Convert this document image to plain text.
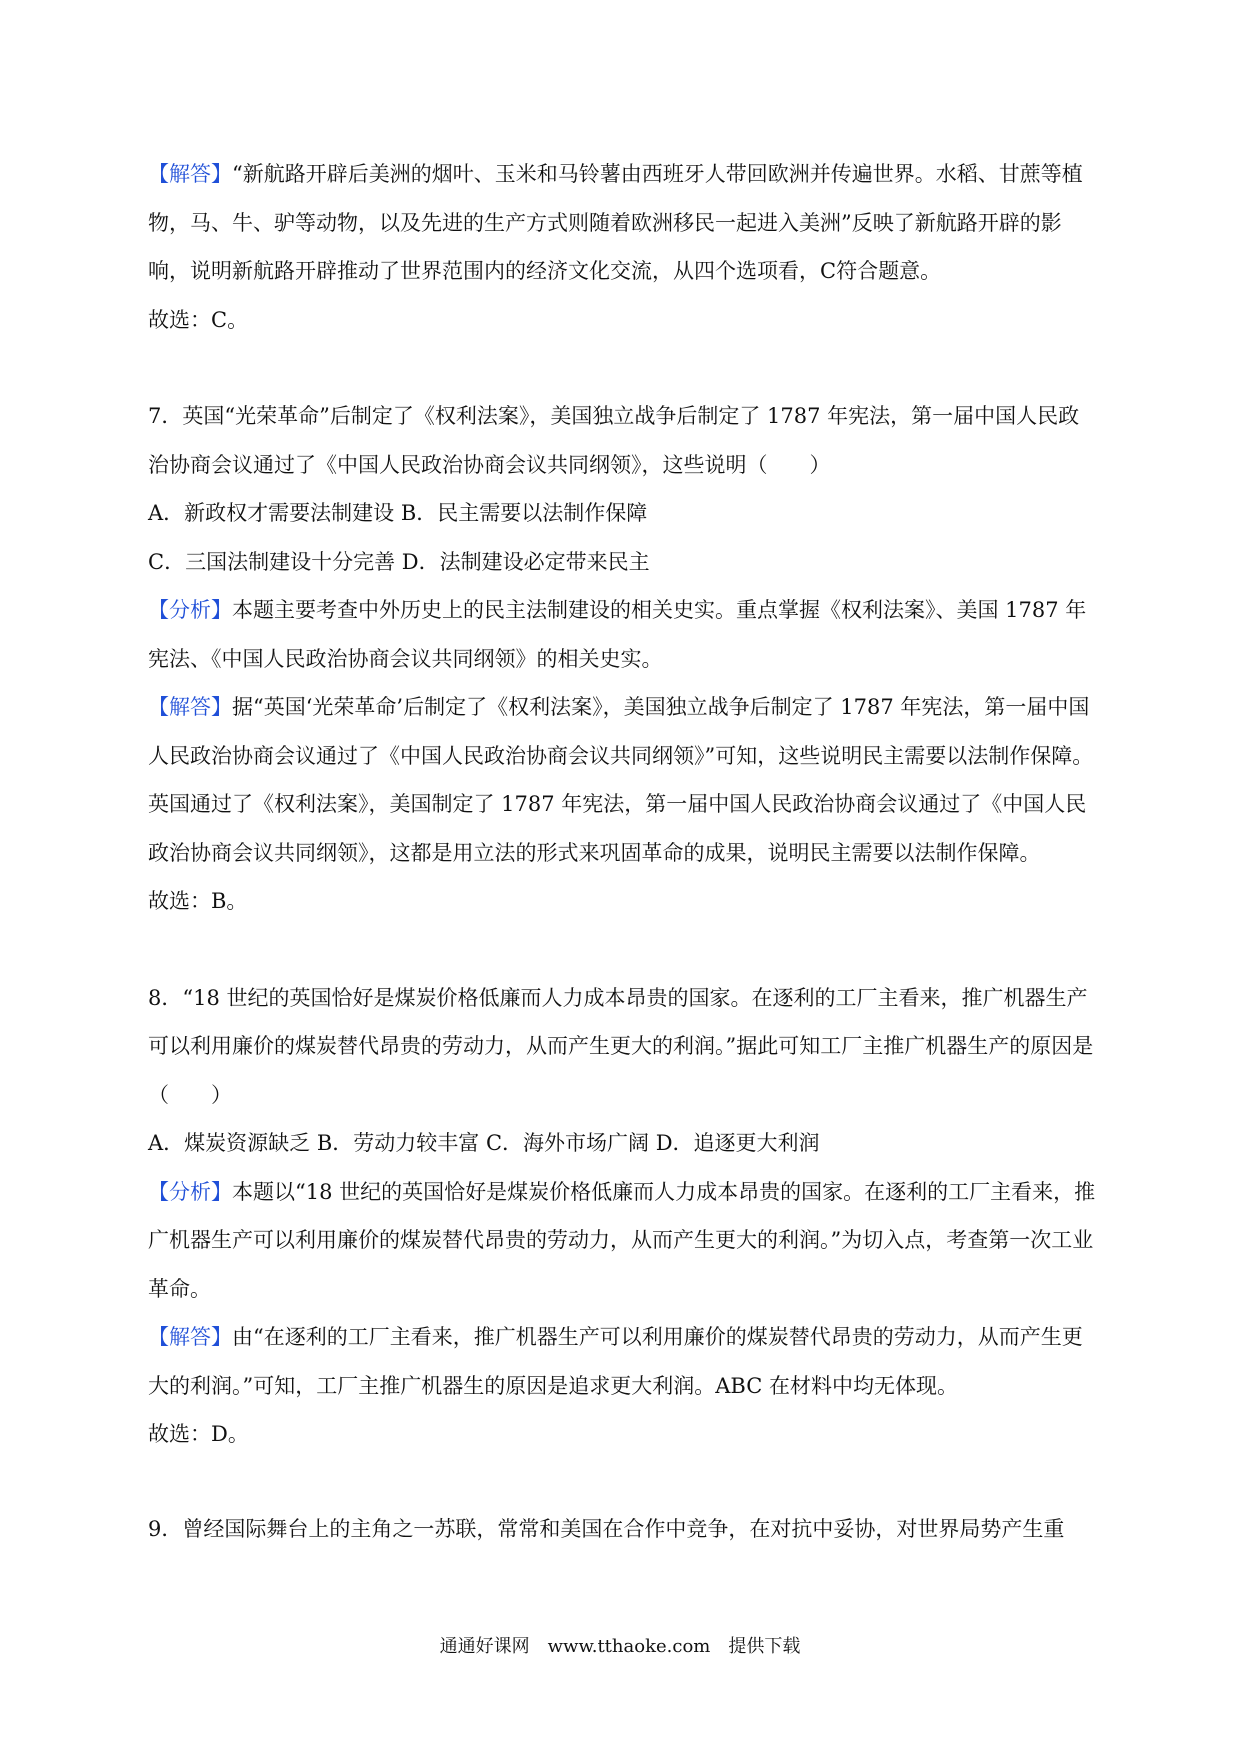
【解答】“新航路开辟后美洲的烟叶、玉米和马铃薯由西班牙人带回欧洲并传遍世界。水稻、甘蔗等植物，马、牛、驴等动物，以及先进的生产方式则随着欧洲移民一起进入美洲”反映了新航路开辟的影响，说明新航路开辟推动了世界范围内的经济文化交流，从四个选项看，C符合题意。

故选：C。

7．英国“光荣革命”后制定了《权利法案》，美国独立战争后制定了 1787 年宪法，第一届中国人民政治协商会议通过了《中国人民政治协商会议共同纲领》，这些说明（　　）

A．新政权才需要法制建设 B．民主需要以法制作保障

C．三国法制建设十分完善 D．法制建设必定带来民主

【分析】本题主要考查中外历史上的民主法制建设的相关史实。重点掌握《权利法案》、美国 1787 年宪法、《中国人民政治协商会议共同纲领》的相关史实。

【解答】据“英国‘光荣革命’后制定了《权利法案》，美国独立战争后制定了 1787 年宪法，第一届中国人民政治协商会议通过了《中国人民政治协商会议共同纲领》”可知，这些说明民主需要以法制作保障。英国通过了《权利法案》，美国制定了 1787 年宪法，第一届中国人民政治协商会议通过了《中国人民政治协商会议共同纲领》，这都是用立法的形式来巩固革命的成果，说明民主需要以法制作保障。

故选：B。

8．“18 世纪的英国恰好是煤炭价格低廉而人力成本昂贵的国家。在逐利的工厂主看来，推广机器生产可以利用廉价的煤炭替代昂贵的劳动力，从而产生更大的利润。”据此可知工厂主推广机器生产的原因是（　　）

A．煤炭资源缺乏 B．劳动力较丰富 C．海外市场广阔 D．追逐更大利润

【分析】本题以“18 世纪的英国恰好是煤炭价格低廉而人力成本昂贵的国家。在逐利的工厂主看来，推广机器生产可以利用廉价的煤炭替代昂贵的劳动力，从而产生更大的利润。”为切入点，考查第一次工业革命。

【解答】由“在逐利的工厂主看来，推广机器生产可以利用廉价的煤炭替代昂贵的劳动力，从而产生更大的利润。”可知，工厂主推广机器生的原因是追求更大利润。ABC 在材料中均无体现。

故选：D。

9．曾经国际舞台上的主角之一苏联，常常和美国在合作中竞争，在对抗中妥协，对世界局势产生重

通通好课网　www.tthaoke.com　提供下载
